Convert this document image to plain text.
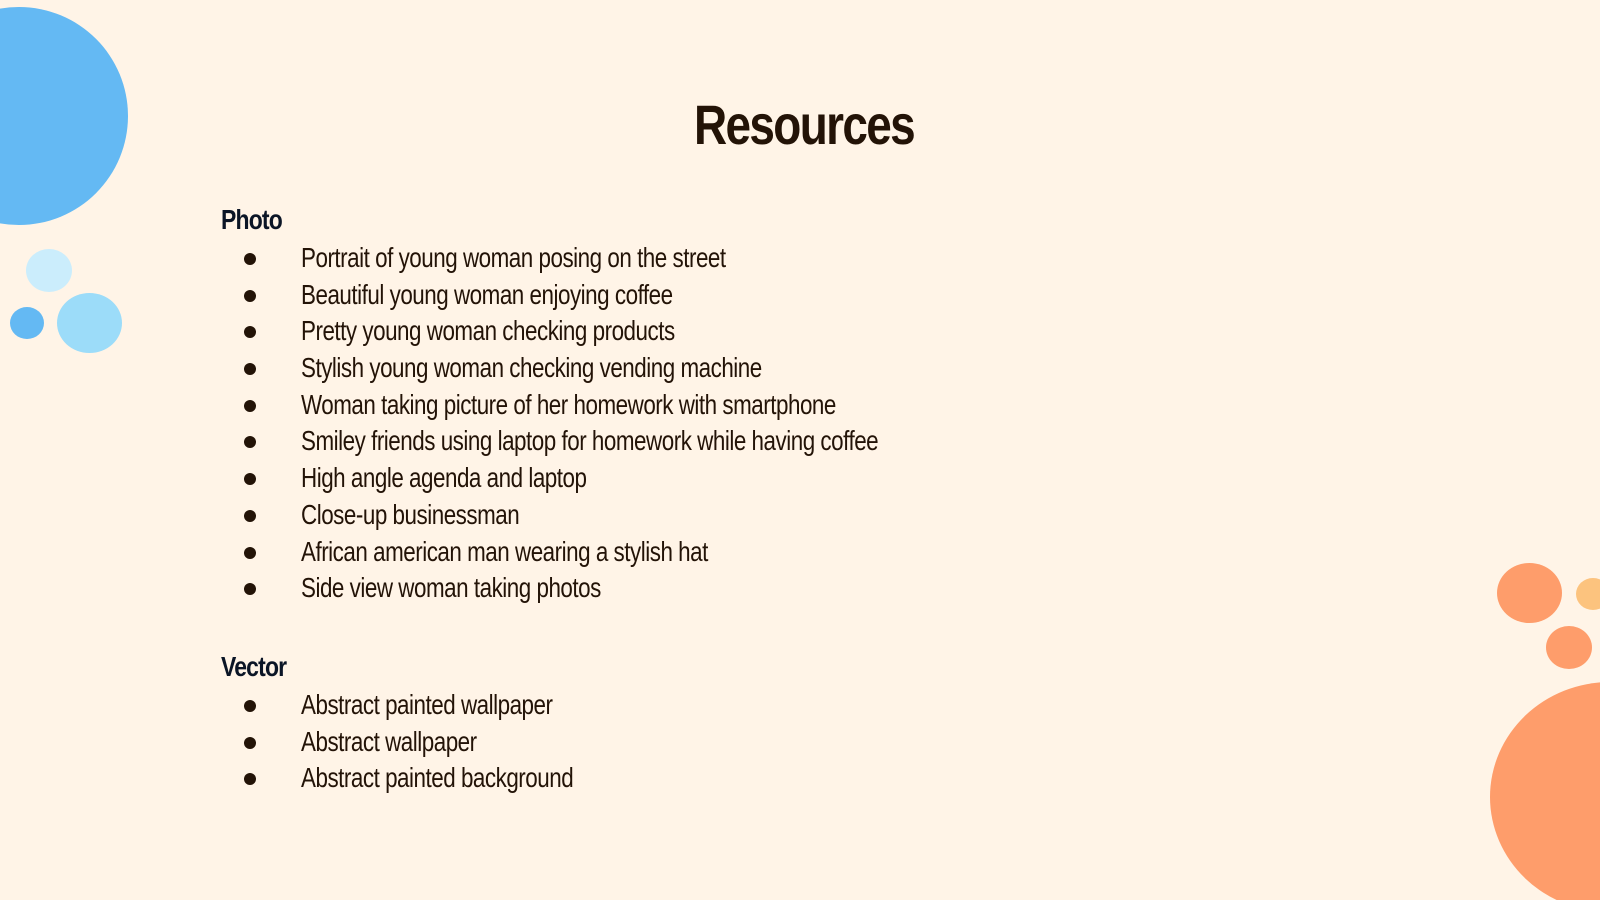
Resources
Photo
Portrait of young woman posing on the street
Beautiful young woman enjoying coffee
Pretty young woman checking products
Stylish young woman checking vending machine
Woman taking picture of her homework with smartphone
Smiley friends using laptop for homework while having coffee
High angle agenda and laptop
Close-up businessman
African american man wearing a stylish hat
Side view woman taking photos
Vector
Abstract painted wallpaper
Abstract wallpaper
Abstract painted background
